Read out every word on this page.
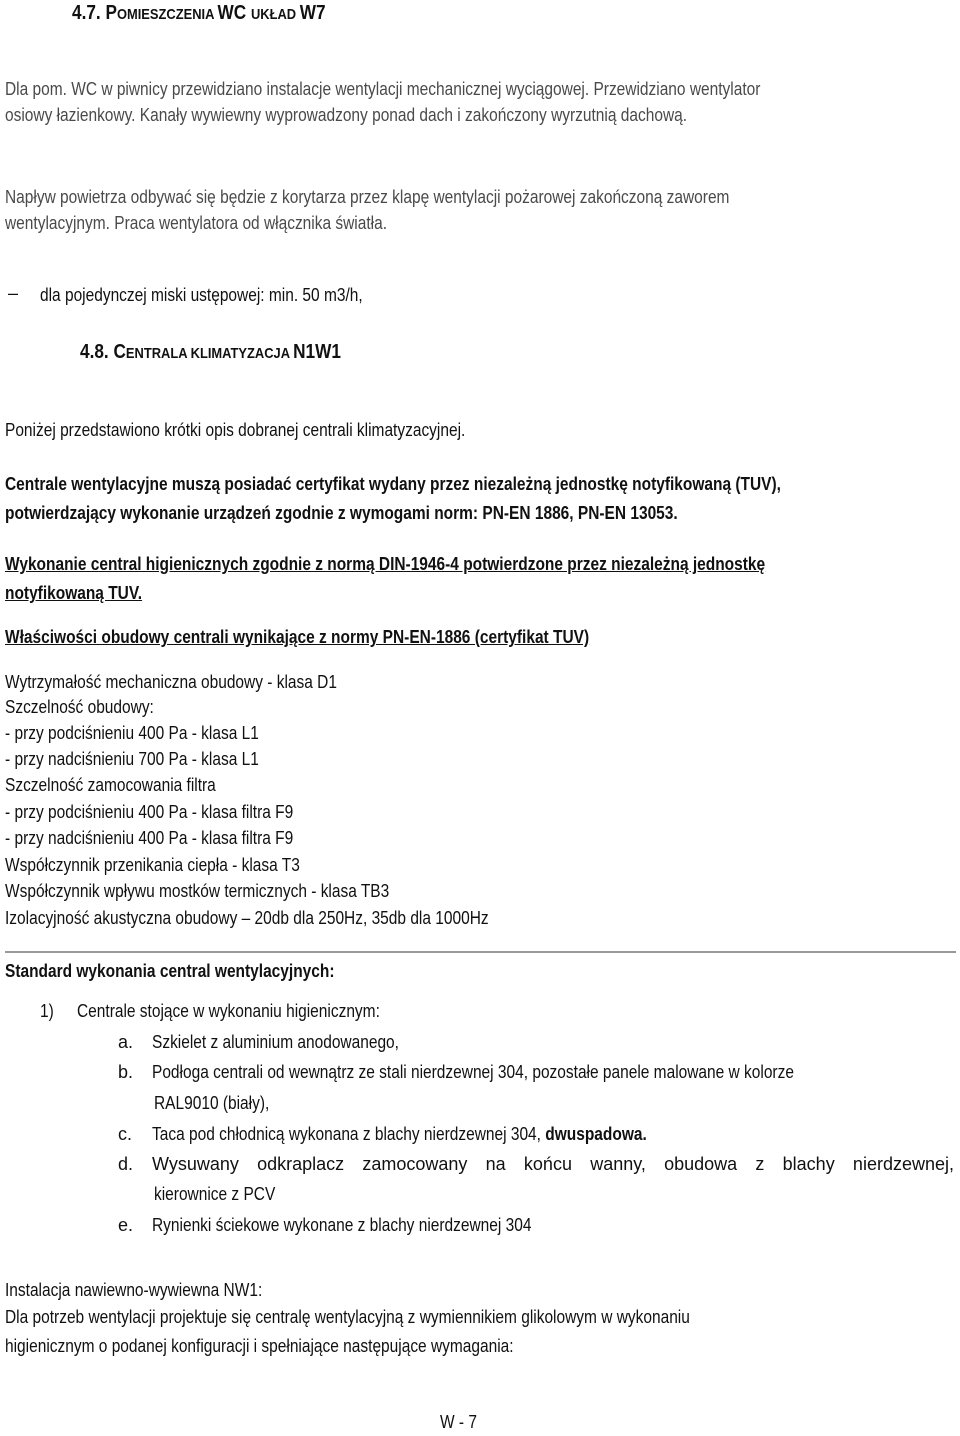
4.7. POMIESZCZENIA WC UKŁAD W7
Dla pom. WC w piwnicy przewidziano instalacje wentylacji mechanicznej wyciągowej. Przewidziano wentylator
osiowy łazienkowy. Kanały wywiewny wyprowadzony ponad dach i zakończony wyrzutnią dachową.
Napływ powietrza odbywać się będzie z korytarza przez klapę wentylacji pożarowej zakończoną zaworem
wentylacyjnym. Praca wentylatora od włącznika światła.
– dla pojedynczej miski ustępowej: min. 50 m3/h,
4.8. CENTRALA KLIMATYZACJA N1W1
Poniżej przedstawiono krótki opis dobranej centrali klimatyzacyjnej.
Centrale wentylacyjne muszą posiadać certyfikat wydany przez niezależną jednostkę notyfikowaną (TUV),
potwierdzający wykonanie urządzeń zgodnie z wymogami norm: PN-EN 1886, PN-EN 13053.
Wykonanie central higienicznych zgodnie z normą DIN-1946-4 potwierdzone przez niezależną jednostkę
notyfikowaną TUV.
Właściwości obudowy centrali wynikające z normy PN-EN-1886 (certyfikat TUV)
Wytrzymałość mechaniczna obudowy - klasa D1
Szczelność obudowy:
- przy podciśnieniu 400 Pa - klasa L1
- przy nadciśnieniu 700 Pa - klasa L1
Szczelność zamocowania filtra
- przy podciśnieniu 400 Pa - klasa filtra F9
- przy nadciśnieniu 400 Pa - klasa filtra F9
Współczynnik przenikania ciepła - klasa T3
Współczynnik wpływu mostków termicznych - klasa TB3
Izolacyjność akustyczna obudowy – 20db dla 250Hz, 35db dla 1000Hz
Standard wykonania central wentylacyjnych:
1) Centrale stojące w wykonaniu higienicznym:
a. Szkielet z aluminium anodowanego,
b. Podłoga centrali od wewnątrz ze stali nierdzewnej 304, pozostałe panele malowane w kolorze
RAL9010 (biały),
c. Taca pod chłodnicą wykonana z blachy nierdzewnej 304, dwuspadowa.
d. Wysuwany odkraplacz zamocowany na końcu wanny, obudowa z blachy nierdzewnej,
kierownice z PCV
e. Rynienki ściekowe wykonane z blachy nierdzewnej 304
Instalacja nawiewno-wywiewna NW1:
Dla potrzeb wentylacji projektuje się centralę wentylacyjną z wymiennikiem glikolowym w wykonaniu
higienicznym o podanej konfiguracji i spełniające następujące wymagania:
W - 7
